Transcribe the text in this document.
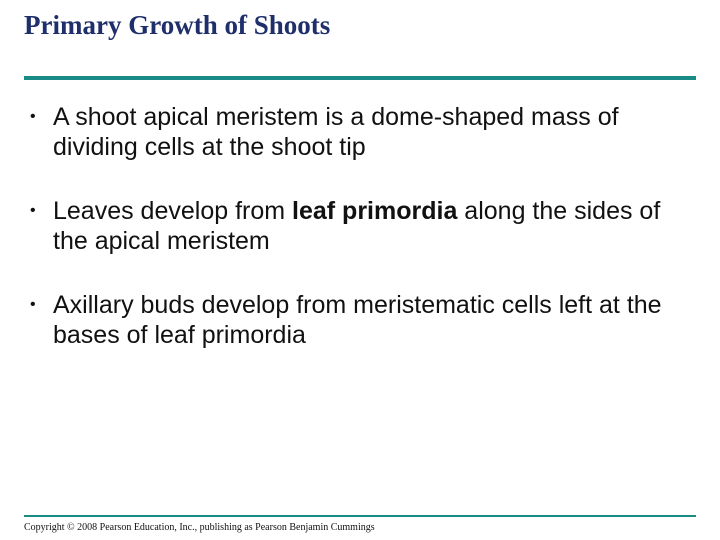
Primary Growth of Shoots
• A shoot apical meristem is a dome-shaped mass of dividing cells at the shoot tip
• Leaves develop from leaf primordia along the sides of the apical meristem
• Axillary buds develop from meristematic cells left at the bases of leaf primordia
Copyright © 2008 Pearson Education, Inc., publishing as Pearson Benjamin Cummings
